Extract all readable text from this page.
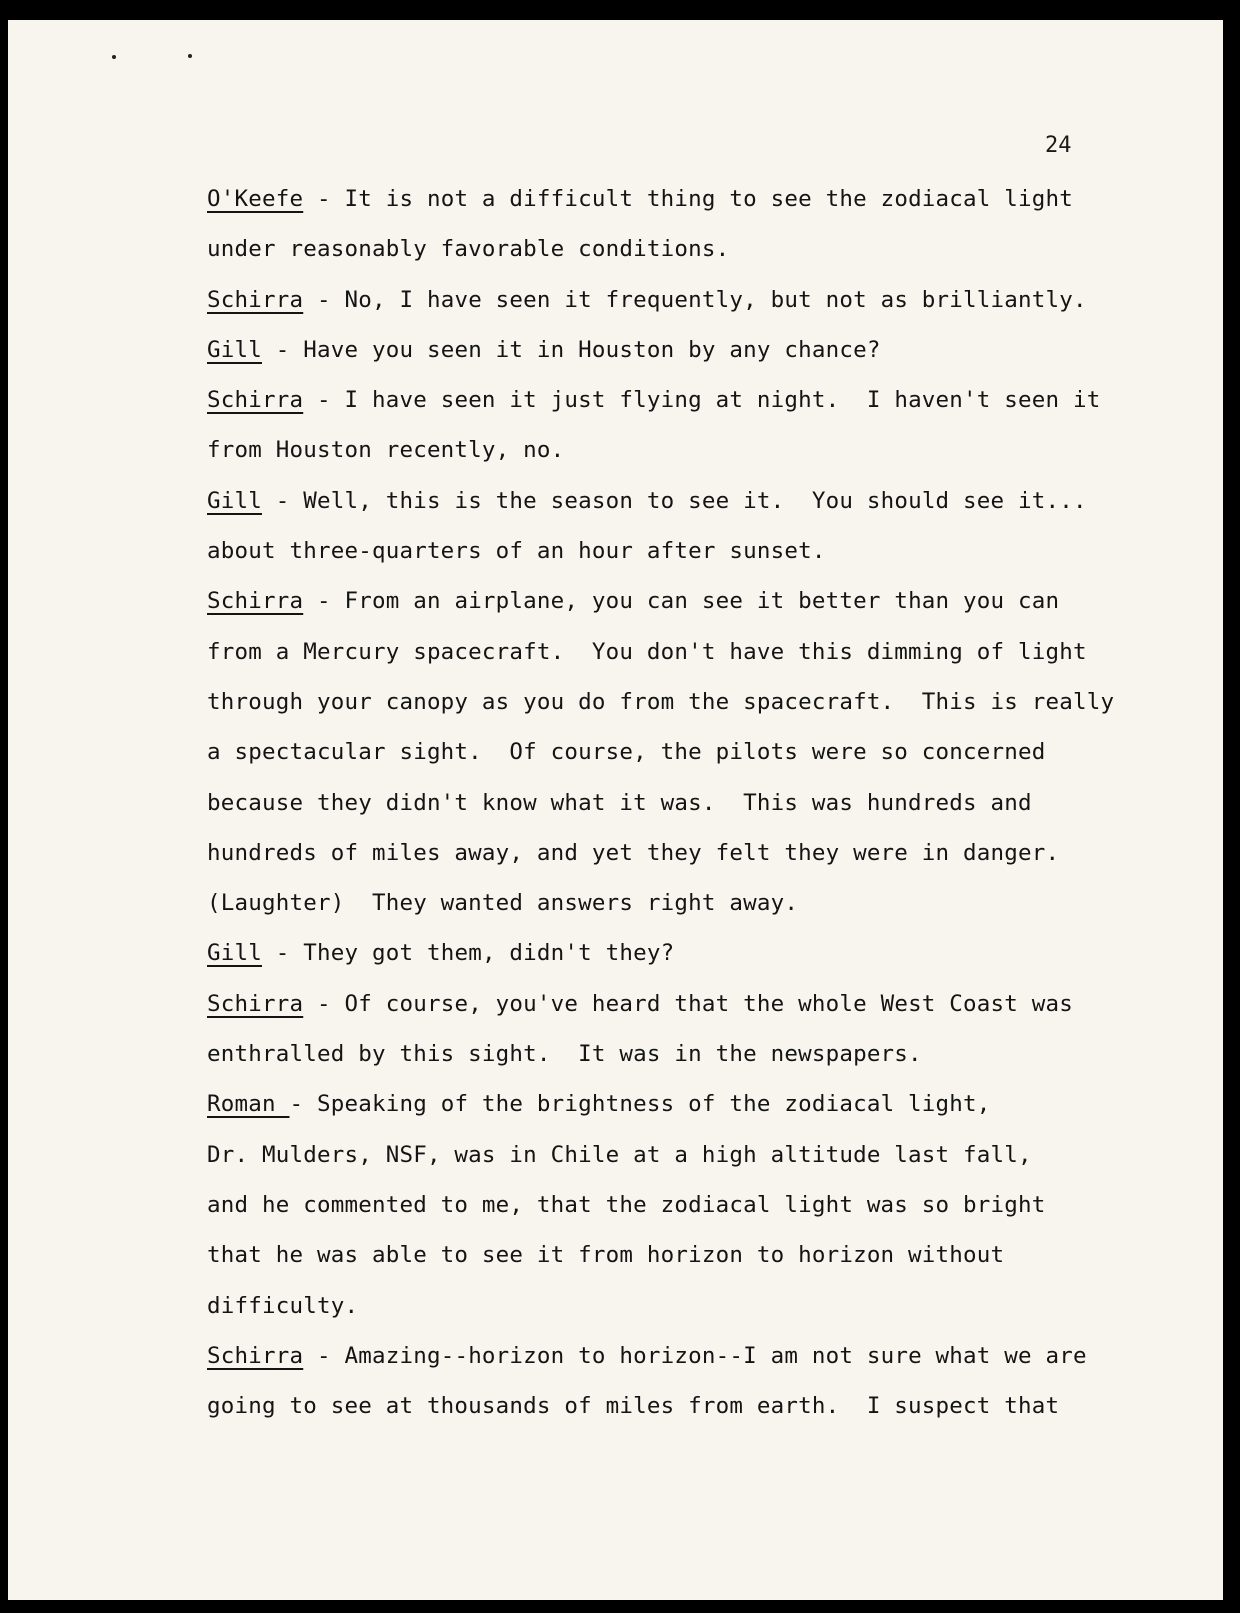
24
O'Keefe - It is not a difficult thing to see the zodiacal light
under reasonably favorable conditions.
Schirra - No, I have seen it frequently, but not as brilliantly.
Gill - Have you seen it in Houston by any chance?
Schirra - I have seen it just flying at night.  I haven't seen it
from Houston recently, no.
Gill - Well, this is the season to see it.  You should see it...
about three-quarters of an hour after sunset.
Schirra - From an airplane, you can see it better than you can
from a Mercury spacecraft.  You don't have this dimming of light
through your canopy as you do from the spacecraft.  This is really
a spectacular sight.  Of course, the pilots were so concerned
because they didn't know what it was.  This was hundreds and
hundreds of miles away, and yet they felt they were in danger.
(Laughter)  They wanted answers right away.
Gill - They got them, didn't they?
Schirra - Of course, you've heard that the whole West Coast was
enthralled by this sight.  It was in the newspapers.
Roman - Speaking of the brightness of the zodiacal light,
Dr. Mulders, NSF, was in Chile at a high altitude last fall,
and he commented to me, that the zodiacal light was so bright
that he was able to see it from horizon to horizon without
difficulty.
Schirra - Amazing--horizon to horizon--I am not sure what we are
going to see at thousands of miles from earth.  I suspect that
